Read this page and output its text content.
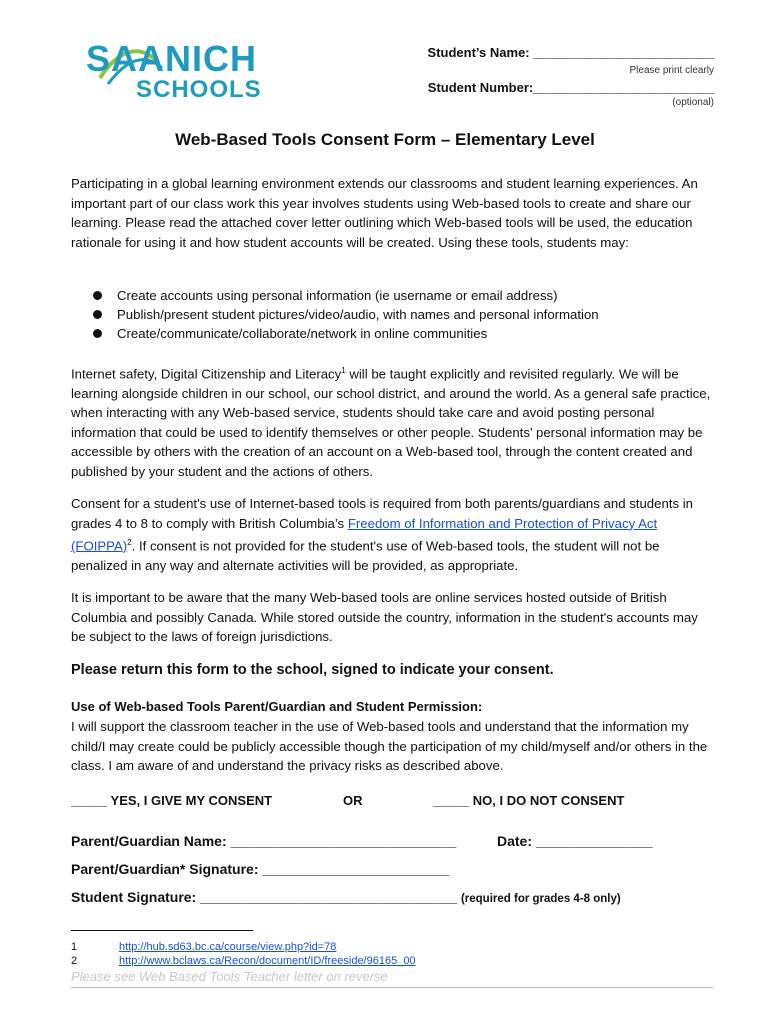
SAANICH
SCHOOLS
Student’s Name: _________________________
Please print clearly
Student Number:_________________________
(optional)
Web-Based Tools Consent Form – Elementary Level

Participating in a global learning environment extends our classrooms and student learning experiences. An important part of our class work this year involves students using Web-based tools to create and share our learning. Please read the attached cover letter outlining which Web-based tools will be used, the education rationale for using it and how student accounts will be created. Using these tools, students may:

Create accounts using personal information (ie username or email address)
Publish/present student pictures/video/audio, with names and personal information
Create/communicate/collaborate/network in online communities

Internet safety, Digital Citizenship and Literacy$^1$ will be taught explicitly and revisited regularly. We will be learning alongside children in our school, our school district, and around the world. As a general safe practice, when interacting with any Web-based service, students should take care and avoid posting personal information that could be used to identify themselves or other people. Students’ personal information may be accessible by others with the creation of an account on a Web-based tool, through the content created and published by your student and the actions of others.

Consent for a student's use of Internet-based tools is required from both parents/guardians and students in grades 4 to 8 to comply with British Columbia’s Freedom of Information and Protection of Privacy Act (FOIPPA)$^2$. If consent is not provided for the student's use of Web-based tools, the student will not be penalized in any way and alternate activities will be provided, as appropriate.

It is important to be aware that the many Web-based tools are online services hosted outside of British Columbia and possibly Canada. While stored outside the country, information in the student's accounts may be subject to the laws of foreign jurisdictions.

Please return this form to the school, signed to indicate your consent.

Use of Web-based Tools Parent/Guardian and Student Permission:

I will support the classroom teacher in the use of Web-based tools and understand that the information my child/I may create could be publicly accessible though the participation of my child/myself and/or others in the class. I am aware of and understand the privacy risks as described above.

_____ YES, I GIVE MY CONSENT	OR	_____ NO, I DO NOT CONSENT
Parent/Guardian Name: _____________________________	Date: _______________
Parent/Guardian* Signature: ________________________
Student Signature: _________________________________ (required for grades 4-8 only)
1	http://hub.sd63.bc.ca/course/view.php?id=78
2	http://www.bclaws.ca/Recon/document/ID/freeside/96165_00
Please see Web Based Tools Teacher letter on reverse
